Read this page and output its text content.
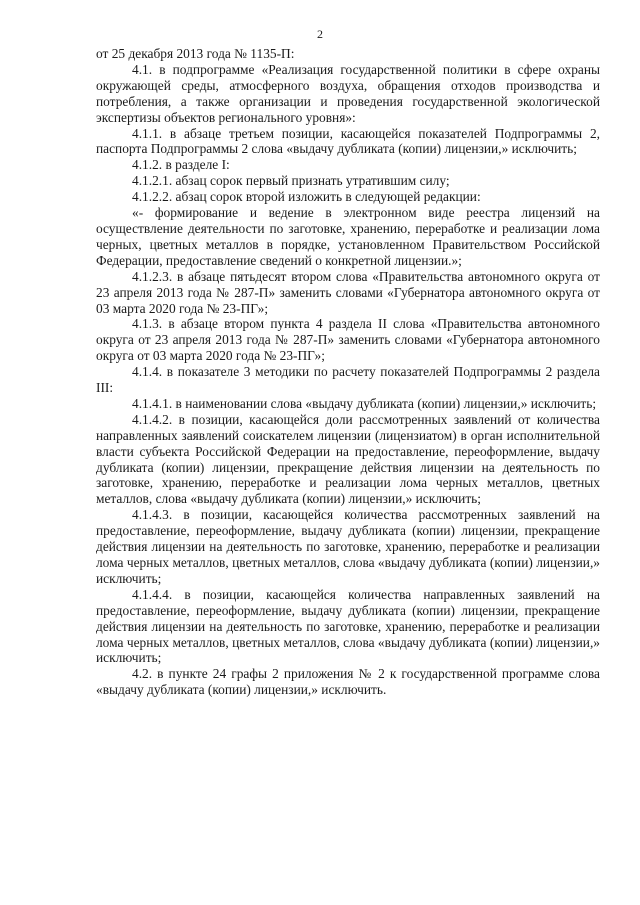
2

от 25 декабря 2013 года № 1135-П:

4.1. в подпрограмме «Реализация государственной политики в сфере охраны окружающей среды, атмосферного воздуха, обращения отходов производства и потребления, а также организации и проведения государственной экологической экспертизы объектов регионального уровня»:

4.1.1. в абзаце третьем позиции, касающейся показателей Подпрограммы 2, паспорта Подпрограммы 2 слова «выдачу дубликата (копии) лицензии,» исключить;

4.1.2. в разделе I:

4.1.2.1. абзац сорок первый признать утратившим силу;

4.1.2.2. абзац сорок второй изложить в следующей редакции:

«- формирование и ведение в электронном виде реестра лицензий на осуществление деятельности по заготовке, хранению, переработке и реализации лома черных, цветных металлов в порядке, установленном Правительством Российской Федерации, предоставление сведений о конкретной лицензии.»;

4.1.2.3. в абзаце пятьдесят втором слова «Правительства автономного округа от 23 апреля 2013 года № 287-П» заменить словами «Губернатора автономного округа от 03 марта 2020 года № 23-ПГ»;

4.1.3. в абзаце втором пункта 4 раздела II слова «Правительства автономного округа от 23 апреля 2013 года № 287-П» заменить словами «Губернатора автономного округа от 03 марта 2020 года № 23-ПГ»;

4.1.4. в показателе 3 методики по расчету показателей Подпрограммы 2 раздела III:

4.1.4.1. в наименовании слова «выдачу дубликата (копии) лицензии,» исключить;

4.1.4.2. в позиции, касающейся доли рассмотренных заявлений от количества направленных заявлений соискателем лицензии (лицензиатом) в орган исполнительной власти субъекта Российской Федерации на предоставление, переоформление, выдачу дубликата (копии) лицензии, прекращение действия лицензии на деятельность по заготовке, хранению, переработке и реализации лома черных металлов, цветных металлов, слова «выдачу дубликата (копии) лицензии,» исключить;

4.1.4.3. в позиции, касающейся количества рассмотренных заявлений на предоставление, переоформление, выдачу дубликата (копии) лицензии, прекращение действия лицензии на деятельность по заготовке, хранению, переработке и реализации лома черных металлов, цветных металлов, слова «выдачу дубликата (копии) лицензии,» исключить;

4.1.4.4. в позиции, касающейся количества направленных заявлений на предоставление, переоформление, выдачу дубликата (копии) лицензии, прекращение действия лицензии на деятельность по заготовке, хранению, переработке и реализации лома черных металлов, цветных металлов, слова «выдачу дубликата (копии) лицензии,» исключить;

4.2. в пункте 24 графы 2 приложения № 2 к государственной программе слова «выдачу дубликата (копии) лицензии,» исключить.
